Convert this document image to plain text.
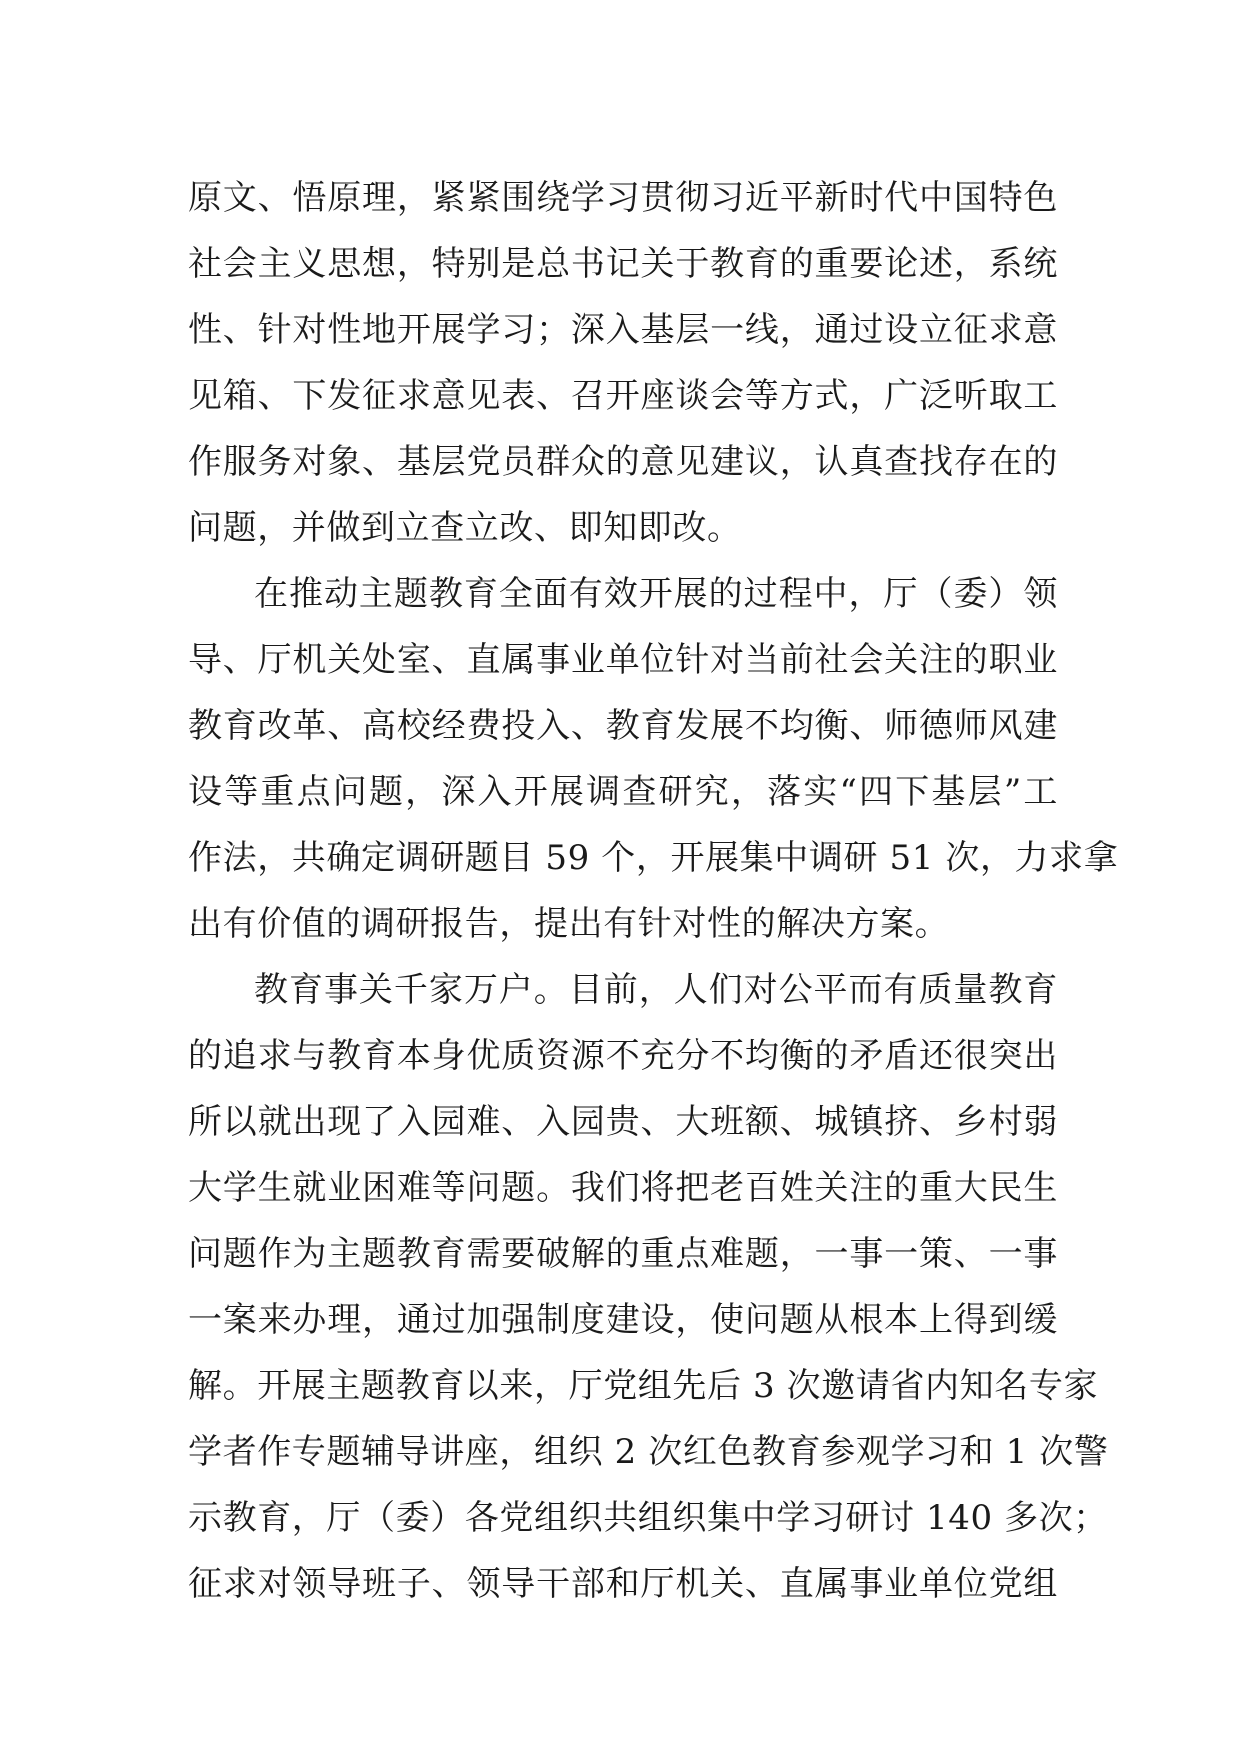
原文、悟原理，紧紧围绕学习贯彻习近平新时代中国特色
社会主义思想，特别是总书记关于教育的重要论述，系统
性、针对性地开展学习；深入基层一线，通过设立征求意
见箱、下发征求意见表、召开座谈会等方式，广泛听取工
作服务对象、基层党员群众的意见建议，认真查找存在的
问题，并做到立查立改、即知即改。
在推动主题教育全面有效开展的过程中，厅（委）领
导、厅机关处室、直属事业单位针对当前社会关注的职业
教育改革、高校经费投入、教育发展不均衡、师德师风建
设等重点问题，深入开展调查研究，落实“四下基层”工
作法，共确定调研题目 59 个，开展集中调研 51 次，力求拿
出有价值的调研报告，提出有针对性的解决方案。
教育事关千家万户。目前，人们对公平而有质量教育
的追求与教育本身优质资源不充分不均衡的矛盾还很突出
所以就出现了入园难、入园贵、大班额、城镇挤、乡村弱
大学生就业困难等问题。我们将把老百姓关注的重大民生
问题作为主题教育需要破解的重点难题，一事一策、一事
一案来办理，通过加强制度建设，使问题从根本上得到缓
解。开展主题教育以来，厅党组先后 3 次邀请省内知名专家
学者作专题辅导讲座，组织 2 次红色教育参观学习和 1 次警
示教育，厅（委）各党组织共组织集中学习研讨 140 多次；
征求对领导班子、领导干部和厅机关、直属事业单位党组
